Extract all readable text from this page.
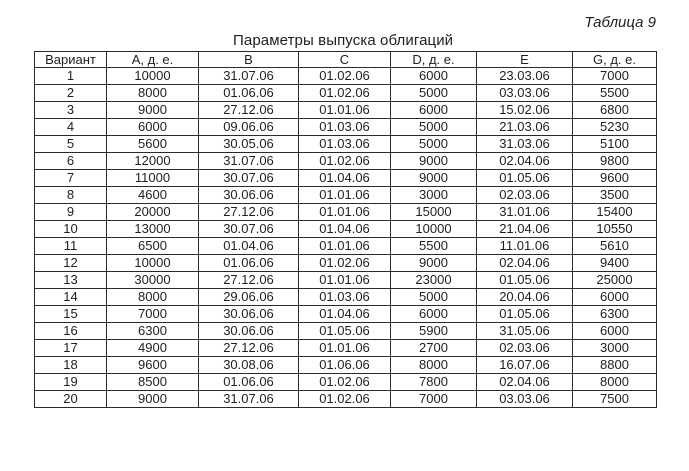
Таблица 9
Параметры выпуска облигаций
Вариант	А, д. е.	В	С	D, д. е.	Е	G, д. е.
1	10000	31.07.06	01.02.06	6000	23.03.06	7000
2	8000	01.06.06	01.02.06	5000	03.03.06	5500
3	9000	27.12.06	01.01.06	6000	15.02.06	6800
4	6000	09.06.06	01.03.06	5000	21.03.06	5230
5	5600	30.05.06	01.03.06	5000	31.03.06	5100
6	12000	31.07.06	01.02.06	9000	02.04.06	9800
7	11000	30.07.06	01.04.06	9000	01.05.06	9600
8	4600	30.06.06	01.01.06	3000	02.03.06	3500
9	20000	27.12.06	01.01.06	15000	31.01.06	15400
10	13000	30.07.06	01.04.06	10000	21.04.06	10550
11	6500	01.04.06	01.01.06	5500	11.01.06	5610
12	10000	01.06.06	01.02.06	9000	02.04.06	9400
13	30000	27.12.06	01.01.06	23000	01.05.06	25000
14	8000	29.06.06	01.03.06	5000	20.04.06	6000
15	7000	30.06.06	01.04.06	6000	01.05.06	6300
16	6300	30.06.06	01.05.06	5900	31.05.06	6000
17	4900	27.12.06	01.01.06	2700	02.03.06	3000
18	9600	30.08.06	01.06.06	8000	16.07.06	8800
19	8500	01.06.06	01.02.06	7800	02.04.06	8000
20	9000	31.07.06	01.02.06	7000	03.03.06	7500
